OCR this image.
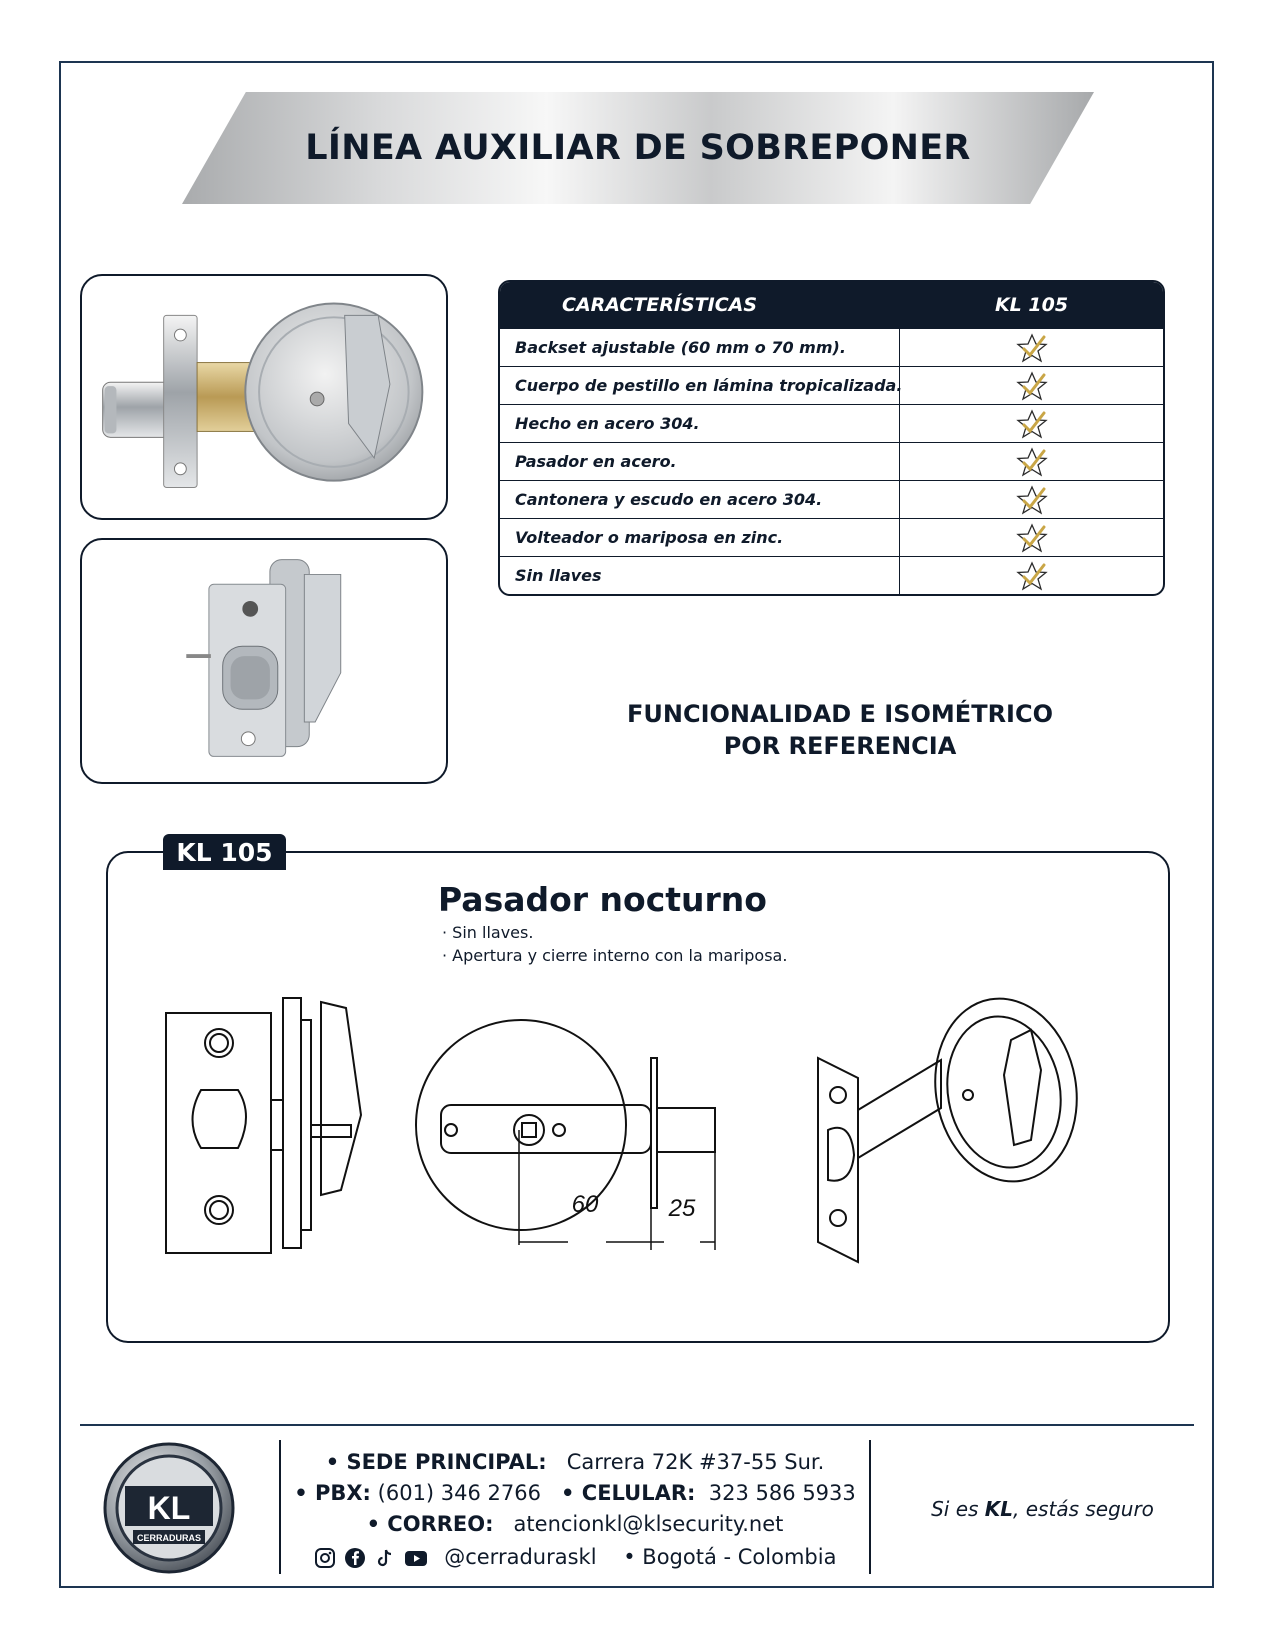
LÍNEA AUXILIAR DE SOBREPONER
CARACTERÍSTICAS	KL 105
Backset ajustable (60 mm o 70 mm).
Cuerpo de pestillo en lámina tropicalizada.
Hecho en acero 304.
Pasador en acero.
Cantonera y escudo en acero 304.
Volteador o mariposa en zinc.
Sin llaves
FUNCIONALIDAD E ISOMÉTRICO
POR REFERENCIA
KL 105
Pasador nocturno
· Sin llaves.
· Apertura y cierre interno con la mariposa.
60	25
KL
CERRADURAS
• SEDE PRINCIPAL: Carrera 72K #37-55 Sur.
• PBX: (601) 346 2766 • CELULAR: 323 586 5933
• CORREO: atencionkl@klsecurity.net
@cerraduraskl • Bogotá - Colombia
Si es KL, estás seguro
